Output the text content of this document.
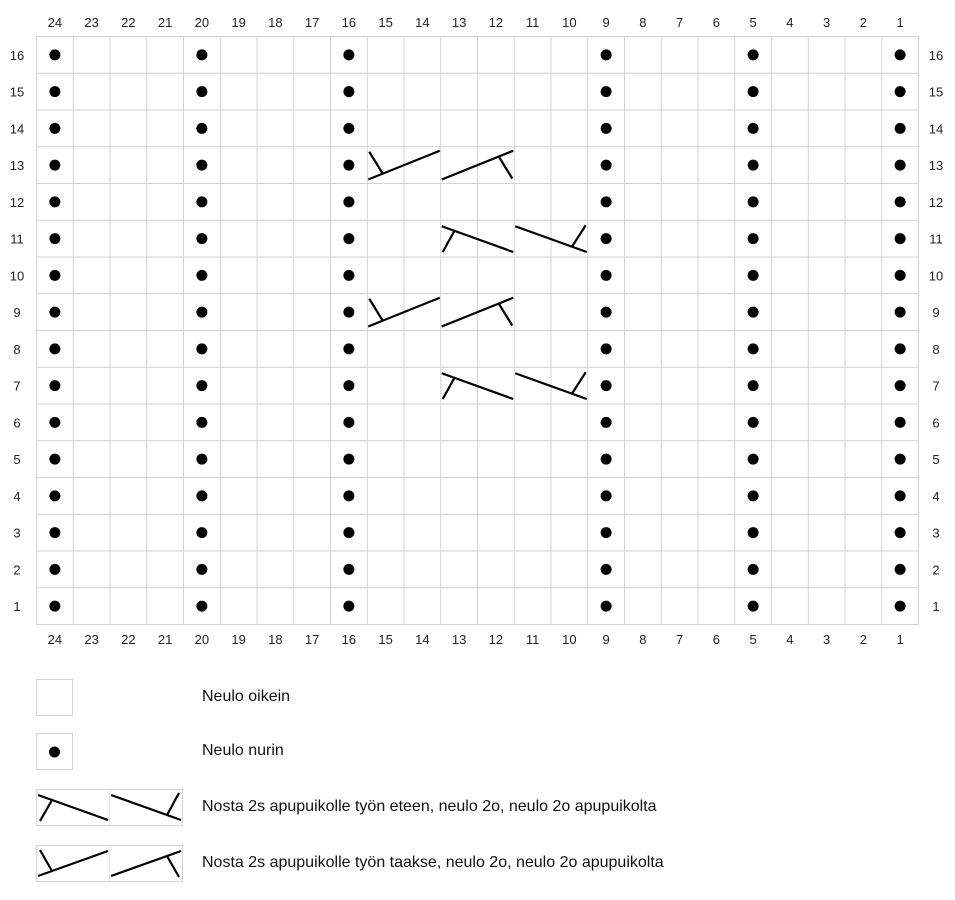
24 23 22 21 20 19 18 17 16 15 14 13 12 11 10 9 8 7 6 5 4 3 2 1
24 23 22 21 20 19 18 17 16 15 14 13 12 11 10 9 8 7 6 5 4 3 2 1
16
15
14
13
12
11
10
9
8
7
6
5
4
3
2
1
16
15
14
13
12
11
10
9
8
7
6
5
4
3
2
1
Neulo oikein
Neulo nurin
Nosta 2s apupuikolle työn eteen, neulo 2o, neulo 2o apupuikolta
Nosta 2s apupuikolle työn taakse, neulo 2o, neulo 2o apupuikolta
